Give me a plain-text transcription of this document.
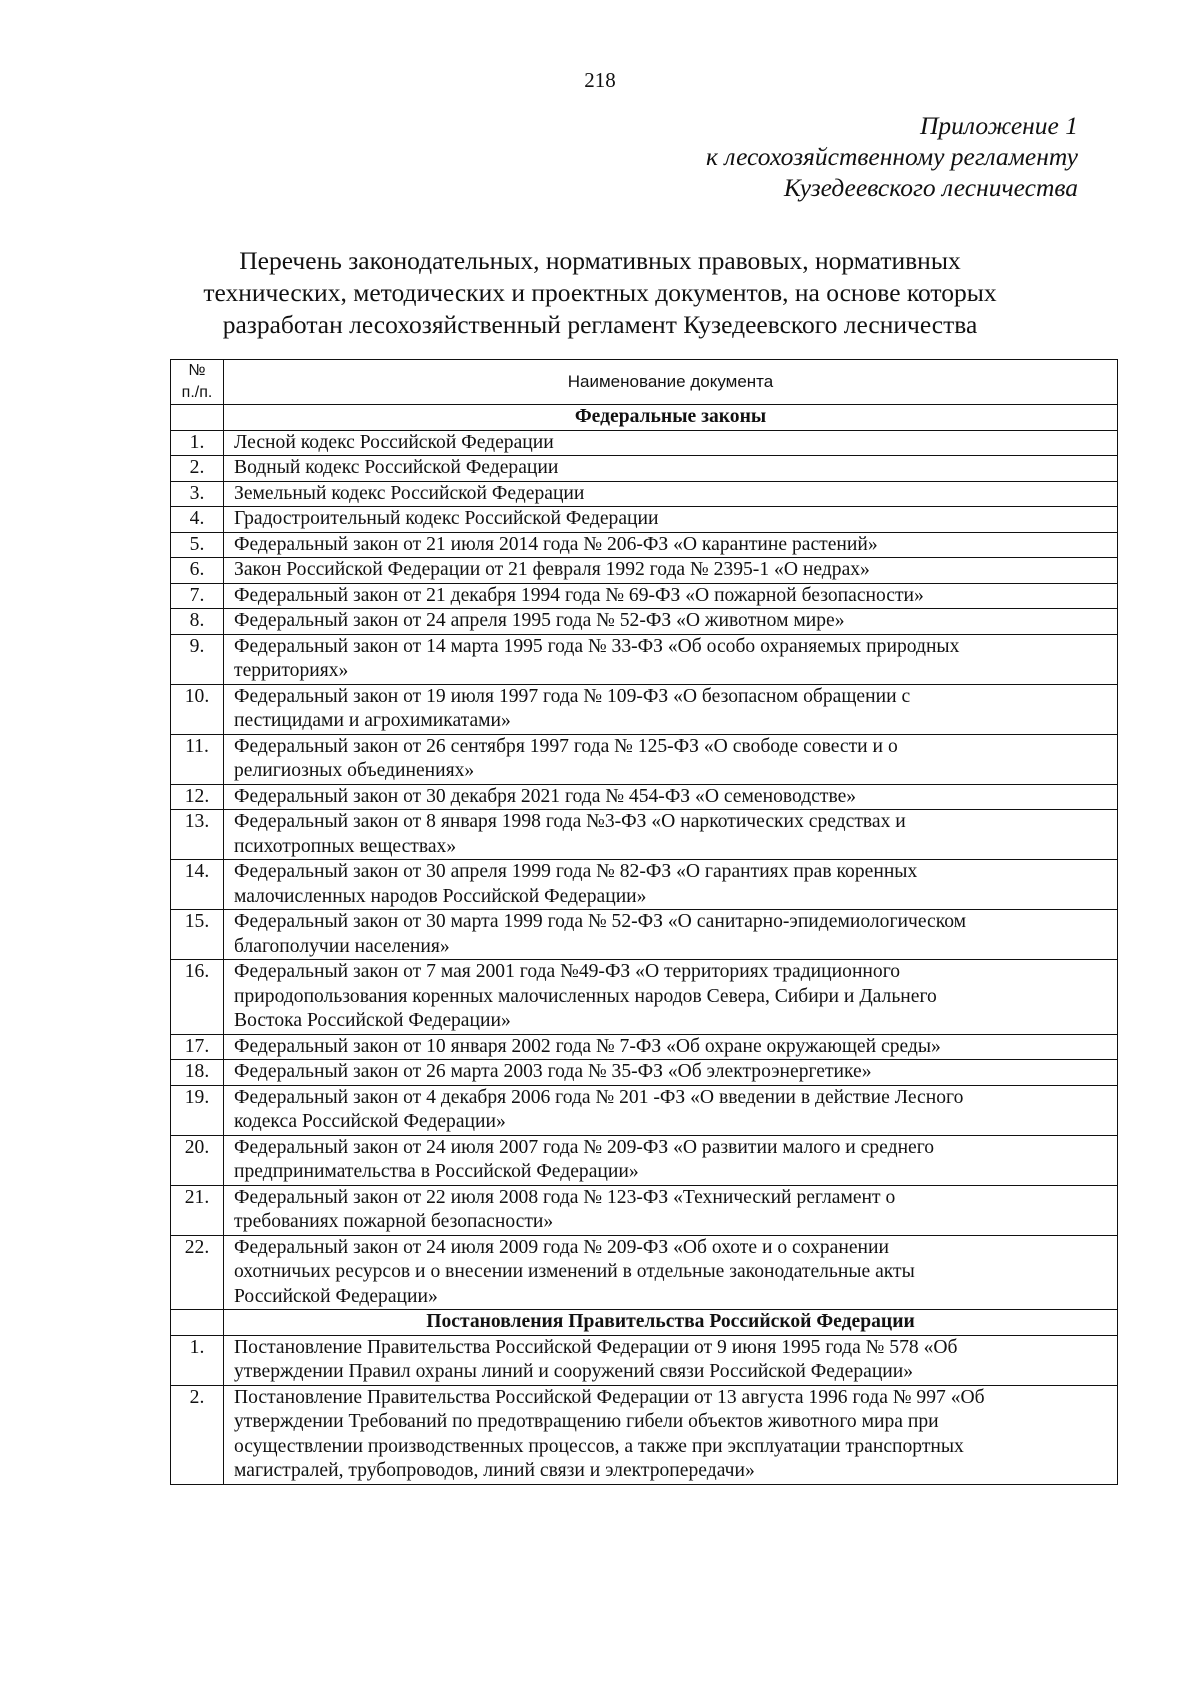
218
Приложение 1
к лесохозяйственному регламенту
Кузедеевского лесничества
Перечень законодательных, нормативных правовых, нормативных
технических, методических и проектных документов, на основе которых
разработан лесохозяйственный регламент Кузедеевского лесничества
№
п./п.	Наименование документа
	Федеральные законы
1.	Лесной кодекс Российской Федерации

2.	Водный кодекс Российской Федерации

3.	Земельный кодекс Российской Федерации

4.	Градостроительный кодекс Российской Федерации

5.	Федеральный закон от 21 июля 2014 года № 206-ФЗ «О карантине растений»

6.	Закон Российской Федерации от 21 февраля 1992 года № 2395-1 «О недрах»

7.	Федеральный закон от 21 декабря 1994 года № 69-ФЗ «О пожарной безопасности»

8.	Федеральный закон от 24 апреля 1995 года № 52-ФЗ «О животном мире»

9.	Федеральный закон от 14 марта 1995 года № 33-ФЗ «Об особо охраняемых природных
территориях»

10.	Федеральный закон от 19 июля 1997 года № 109-ФЗ «О безопасном обращении с
пестицидами и агрохимикатами»

11.	Федеральный закон от 26 сентября 1997 года № 125-ФЗ «О свободе совести и о
религиозных объединениях»

12.	Федеральный закон от 30 декабря 2021 года № 454-ФЗ «О семеноводстве»

13.	Федеральный закон от 8 января 1998 года №3-ФЗ «О наркотических средствах и
психотропных веществах»

14.	Федеральный закон от 30 апреля 1999 года № 82-ФЗ «О гарантиях прав коренных
малочисленных народов Российской Федерации»

15.	Федеральный закон от 30 марта 1999 года № 52-ФЗ «О санитарно-эпидемиологическом
благополучии населения»

16.	Федеральный закон от 7 мая 2001 года №49-ФЗ «О территориях традиционного
природопользования коренных малочисленных народов Севера, Сибири и Дальнего
Востока Российской Федерации»

17.	Федеральный закон от 10 января 2002 года № 7-ФЗ «Об охране окружающей среды»

18.	Федеральный закон от 26 марта 2003 года № 35-ФЗ «Об электроэнергетике»

19.	Федеральный закон от 4 декабря 2006 года № 201 -ФЗ «О введении в действие Лесного
кодекса Российской Федерации»

20.	Федеральный закон от 24 июля 2007 года № 209-ФЗ «О развитии малого и среднего
предпринимательства в Российской Федерации»

21.	Федеральный закон от 22 июля 2008 года № 123-ФЗ «Технический регламент о
требованиях пожарной безопасности»

22.	Федеральный закон от 24 июля 2009 года № 209-ФЗ «Об охоте и о сохранении
охотничьих ресурсов и о внесении изменений в отдельные законодательные акты
Российской Федерации»

	Постановления Правительства Российской Федерации
1.	Постановление Правительства Российской Федерации от 9 июня 1995 года № 578 «Об
утверждении Правил охраны линий и сооружений связи Российской Федерации»

2.	Постановление Правительства Российской Федерации от 13 августа 1996 года № 997 «Об
утверждении Требований по предотвращению гибели объектов животного мира при
осуществлении производственных процессов, а также при эксплуатации транспортных
магистралей, трубопроводов, линий связи и электропередачи»
